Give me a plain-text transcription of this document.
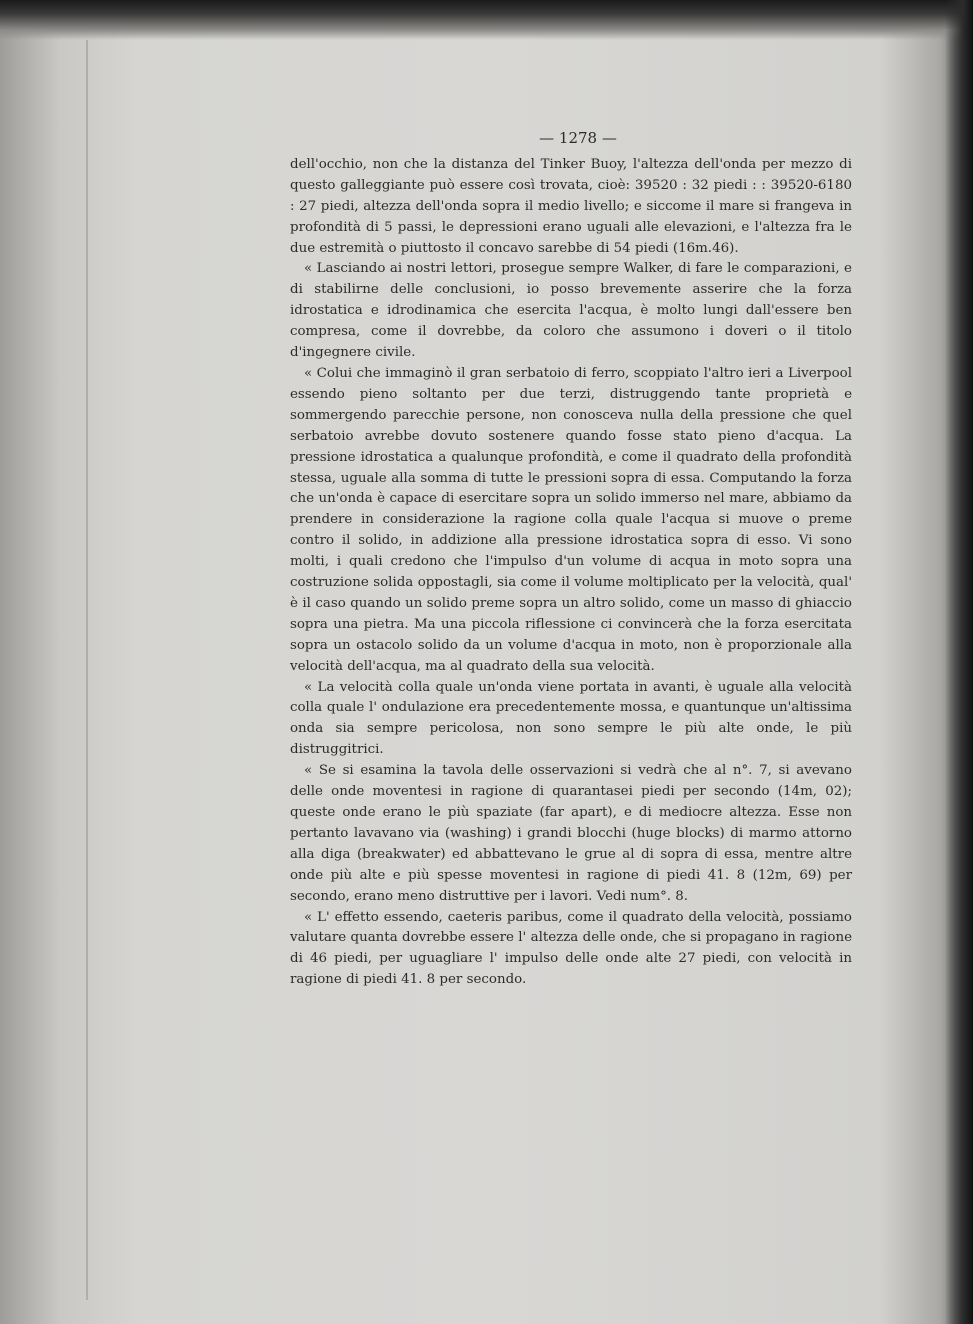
— 1278 —

dell'occhio, non che la distanza del Tinker Buoy, l'altezza dell'onda per mezzo di questo galleggiante può essere così trovata, cioè: 39520 : 32 piedi : : 39520-6180 : 27 piedi, altezza dell'onda sopra il medio livello; e siccome il mare si frangeva in profondità di 5 passi, le depressioni erano uguali alle elevazioni, e l'altezza fra le due estremità o piuttosto il concavo sarebbe di 54 piedi (16m.46).

« Lasciando ai nostri lettori, prosegue sempre Walker, di fare le comparazioni, e di stabilirne delle conclusioni, io posso brevemente asserire che la forza idrostatica e idrodinamica che esercita l'acqua, è molto lungi dall'essere ben compresa, come il dovrebbe, da coloro che assumono i doveri o il titolo d'ingegnere civile.

« Colui che immaginò il gran serbatoio di ferro, scoppiato l'altro ieri a Liverpool essendo pieno soltanto per due terzi, distruggendo tante proprietà e sommergendo parecchie persone, non conosceva nulla della pressione che quel serbatoio avrebbe dovuto sostenere quando fosse stato pieno d'acqua. La pressione idrostatica a qualunque profondità, e come il quadrato della profondità stessa, uguale alla somma di tutte le pressioni sopra di essa. Computando la forza che un'onda è capace di esercitare sopra un solido immerso nel mare, abbiamo da prendere in considerazione la ragione colla quale l'acqua si muove o preme contro il solido, in addizione alla pressione idrostatica sopra di esso. Vi sono molti, i quali credono che l'impulso d'un volume di acqua in moto sopra una costruzione solida oppostagli, sia come il volume moltiplicato per la velocità, qual' è il caso quando un solido preme sopra un altro solido, come un masso di ghiaccio sopra una pietra. Ma una piccola riflessione ci convincerà che la forza esercitata sopra un ostacolo solido da un volume d'acqua in moto, non è proporzionale alla velocità dell'acqua, ma al quadrato della sua velocità.

« La velocità colla quale un'onda viene portata in avanti, è uguale alla velocità colla quale l' ondulazione era precedentemente mossa, e quantunque un'altissima onda sia sempre pericolosa, non sono sempre le più alte onde, le più distruggitrici.

« Se si esamina la tavola delle osservazioni si vedrà che al n°. 7, si avevano delle onde moventesi in ragione di quarantasei piedi per secondo (14m, 02); queste onde erano le più spaziate (far apart), e di mediocre altezza. Esse non pertanto lavavano via (washing) i grandi blocchi (huge blocks) di marmo attorno alla diga (breakwater) ed abbattevano le grue al di sopra di essa, mentre altre onde più alte e più spesse moventesi in ragione di piedi 41. 8 (12m, 69) per secondo, erano meno distruttive per i lavori. Vedi num°. 8.

« L' effetto essendo, caeteris paribus, come il quadrato della velocità, possiamo valutare quanta dovrebbe essere l' altezza delle onde, che si propagano in ragione di 46 piedi, per uguagliare l' impulso delle onde alte 27 piedi, con velocità in ragione di piedi 41. 8 per secondo.
